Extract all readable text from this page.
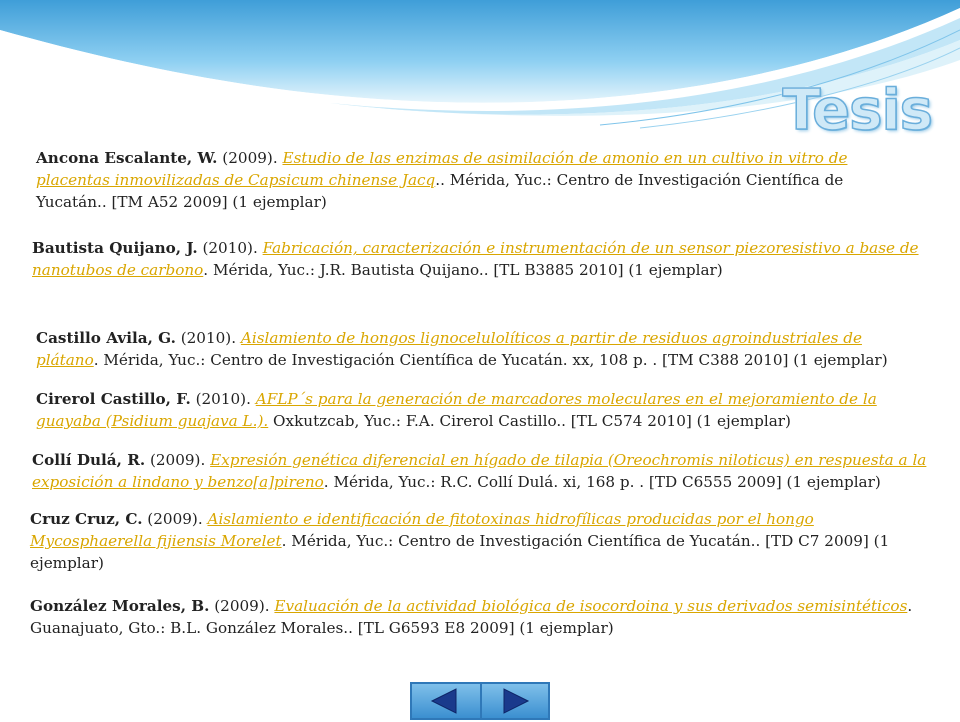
Tesis

Ancona Escalante, W. (2009). Estudio de las enzimas de asimilación de amonio en un cultivo in vitro de placentas inmovilizadas de Capsicum chinense Jacq.. Mérida, Yuc.: Centro de Investigación Científica de Yucatán.. [TM A52 2009] (1 ejemplar)

Bautista Quijano, J. (2010). Fabricación, caracterización e instrumentación de un sensor piezoresistivo a base de nanotubos de carbono. Mérida, Yuc.: J.R. Bautista Quijano.. [TL B3885 2010] (1 ejemplar)

Castillo Avila, G. (2010). Aislamiento de hongos lignocelulolíticos a partir de residuos agroindustriales de plátano. Mérida, Yuc.: Centro de Investigación Científica de Yucatán. xx, 108 p. . [TM C388 2010] (1 ejemplar)

Cirerol Castillo, F. (2010). AFLP´s para la generación de marcadores moleculares en el mejoramiento de la guayaba (Psidium guajava L.). Oxkutzcab, Yuc.: F.A. Cirerol Castillo.. [TL C574 2010] (1 ejemplar)

Collí Dulá, R. (2009). Expresión genética diferencial en hígado de tilapia (Oreochromis niloticus) en respuesta a la exposición a lindano y benzo[a]pireno. Mérida, Yuc.: R.C. Collí Dulá. xi, 168 p. . [TD C6555 2009] (1 ejemplar)

Cruz Cruz, C. (2009). Aislamiento e identificación de fitotoxinas hidrofílicas producidas por el hongo Mycosphaerella fijiensis Morelet. Mérida, Yuc.: Centro de Investigación Científica de Yucatán.. [TD C7 2009] (1 ejemplar)

González Morales, B. (2009). Evaluación de la actividad biológica de isocordoina y sus derivados semisintéticos. Guanajuato, Gto.: B.L. González Morales.. [TL G6593 E8 2009] (1 ejemplar)
